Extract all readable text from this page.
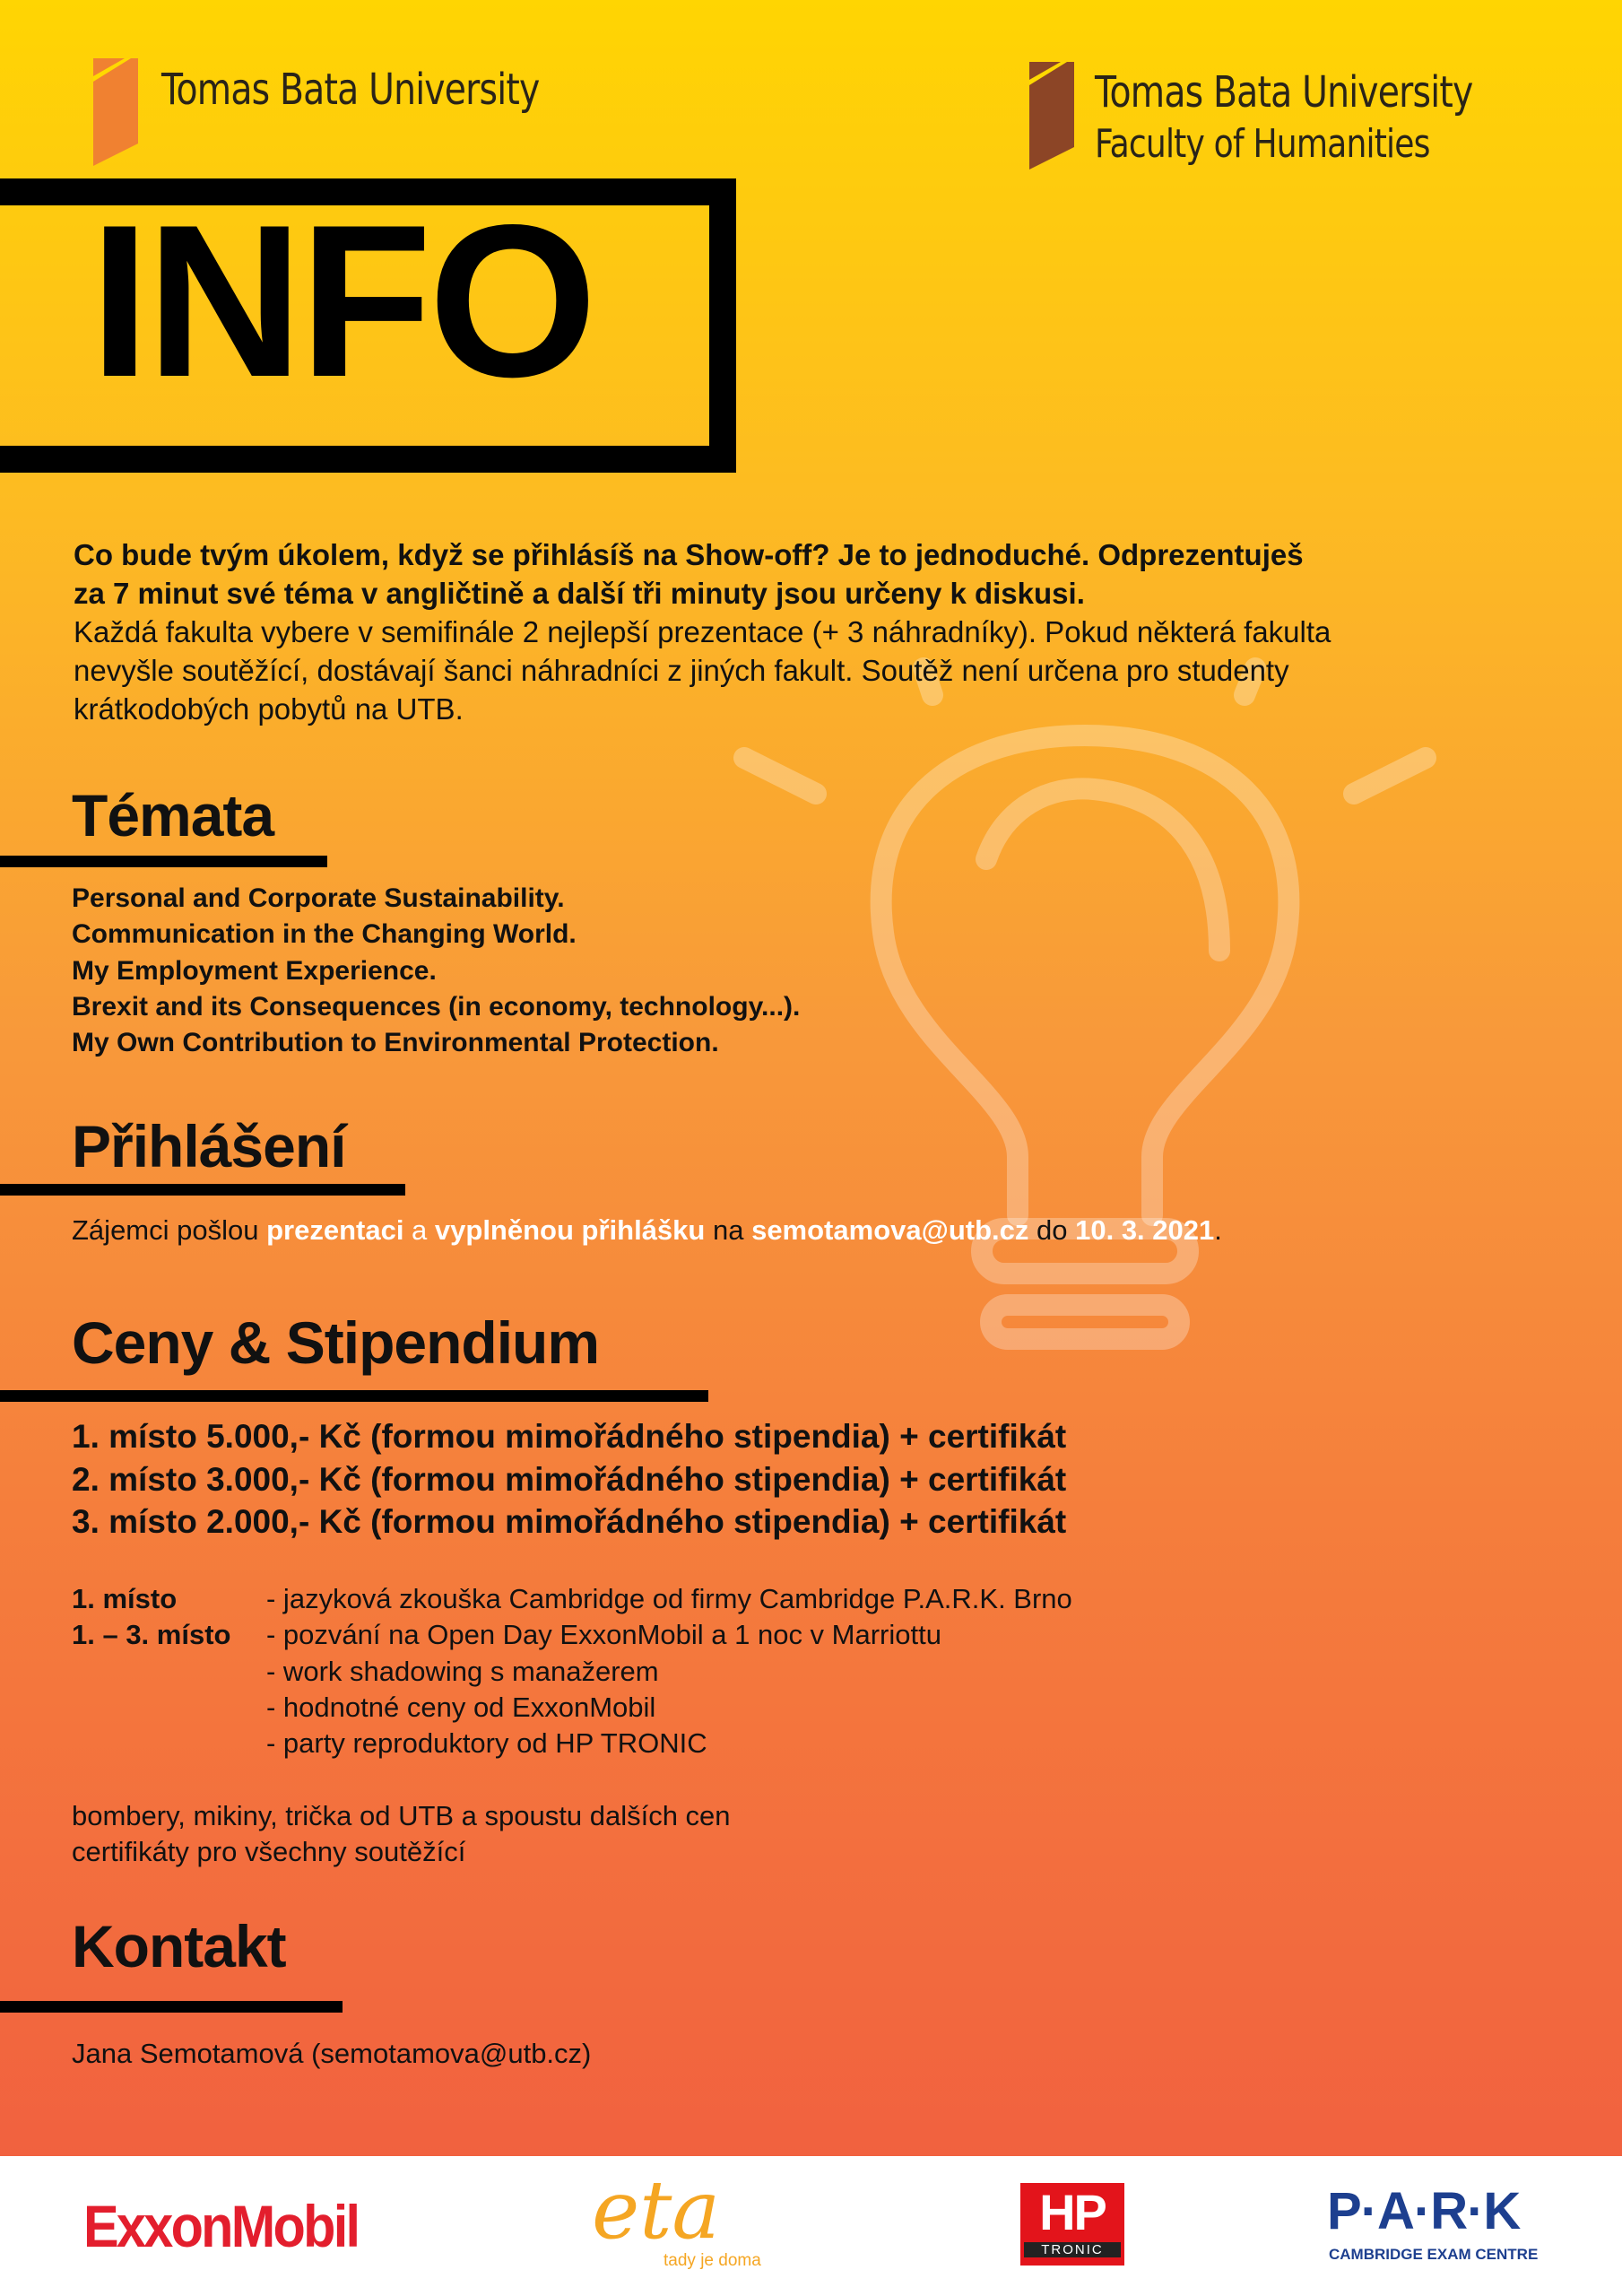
Tomas Bata University	Tomas Bata University
Faculty of Humanities
INFO
Co bude tvým úkolem, když se přihlásíš na Show-off? Je to jednoduché. Odprezentuješ
za 7 minut své téma v angličtině a další tři minuty jsou určeny k diskusi.
Každá fakulta vybere v semifinále 2 nejlepší prezentace (+ 3 náhradníky). Pokud některá fakulta
nevyšle soutěžící, dostávají šanci náhradníci z jiných fakult. Soutěž není určena pro studenty
krátkodobých pobytů na UTB.
Témata
Personal and Corporate Sustainability.
Communication in the Changing World.
My Employment Experience.
Brexit and its Consequences (in economy, technology...).
My Own Contribution to Environmental Protection.
Přihlášení
Zájemci pošlou prezentaci a vyplněnou přihlášku na semotamova@utb.cz do 10. 3. 2021.
Ceny & Stipendium
1. místo 5.000,- Kč (formou mimořádného stipendia) + certifikát
2. místo 3.000,- Kč (formou mimořádného stipendia) + certifikát
3. místo 2.000,- Kč (formou mimořádného stipendia) + certifikát
1. místo	- jazyková zkouška Cambridge od firmy Cambridge P.A.R.K. Brno
1. – 3. místo	- pozvání na Open Day ExxonMobil a 1 noc v Marriottu
- work shadowing s manažerem
- hodnotné ceny od ExxonMobil
- party reproduktory od HP TRONIC
bombery, mikiny, trička od UTB a spoustu dalších cen
certifikáty pro všechny soutěžící
Kontakt
Jana Semotamová (semotamova@utb.cz)
ExxonMobil	eta
tady je doma
HP
TRONIC
P·A·R·K
CAMBRIDGE EXAM CENTRE
